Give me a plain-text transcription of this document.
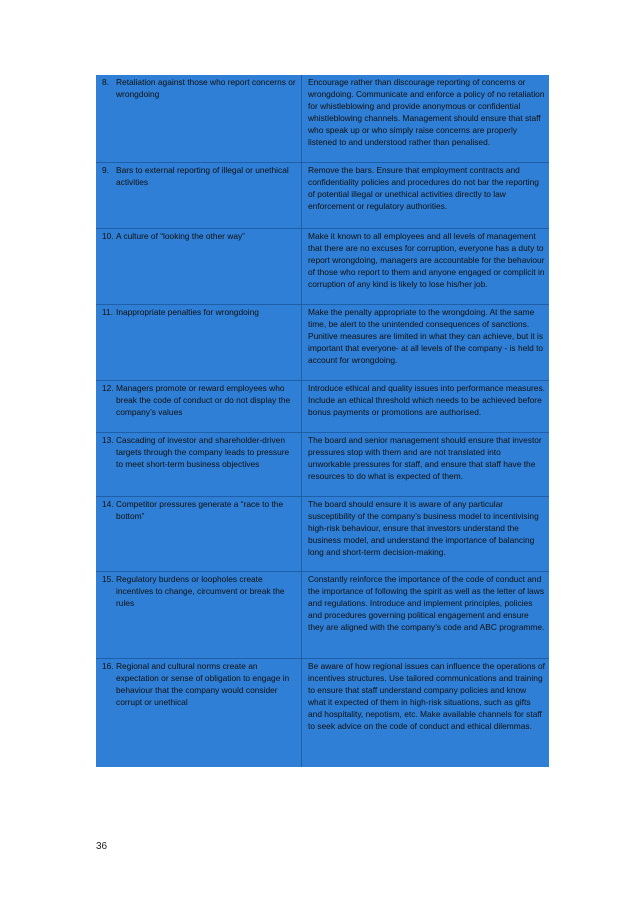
8. Retaliation against those who report concerns or wrongdoing	Encourage rather than discourage reporting of concerns or wrongdoing. Communicate and enforce a policy of no retaliation for whistleblowing and provide anonymous or confidential whistleblowing channels. Management should ensure that staff who speak up or who simply raise concerns are properly listened to and understood rather than penalised.

9. Bars to external reporting of illegal or unethical activities	Remove the bars. Ensure that employment contracts and confidentiality policies and procedures do not bar the reporting of potential illegal or unethical activities directly to law enforcement or regulatory authorities.

10. A culture of “looking the other way”	Make it known to all employees and all levels of management that there are no excuses for corruption, everyone has a duty to report wrongdoing, managers are accountable for the behaviour of those who report to them and anyone engaged or complicit in corruption of any kind is likely to lose his/her job.

11. Inappropriate penalties for wrongdoing	Make the penalty appropriate to the wrongdoing. At the same time, be alert to the unintended consequences of sanctions. Punitive measures are limited in what they can achieve, but it is important that everyone- at all levels of the company - is held to account for wrongdoing.

12. Managers promote or reward employees who break the code of conduct or do not display the company’s values	Introduce ethical and quality issues into performance measures. Include an ethical threshold which needs to be achieved before bonus payments or promotions are authorised.

13. Cascading of investor and shareholder-driven targets through the company leads to pressure to meet short-term business objectives	The board and senior management should ensure that investor pressures stop with them and are not translated into unworkable pressures for staff, and ensure that staff have the resources to do what is expected of them.

14. Competitor pressures generate a “race to the bottom”	The board should ensure it is aware of any particular susceptibility of the company’s business model to incentivising high-risk behaviour, ensure that investors understand the business model, and understand the importance of balancing long and short-term decision-making.

15. Regulatory burdens or loopholes create incentives to change, circumvent or break the rules	Constantly reinforce the importance of the code of conduct and the importance of following the spirit as well as the letter of laws and regulations. Introduce and implement principles, policies and procedures governing political engagement and ensure they are aligned with the company’s code and ABC programme.

16. Regional and cultural norms create an expectation or sense of obligation to engage in behaviour that the company would consider corrupt or unethical	Be aware of how regional issues can influence the operations of incentives structures. Use tailored communications and training to ensure that staff understand company policies and know what it expected of them in high-risk situations, such as gifts and hospitality, nepotism, etc. Make available channels for staff to seek advice on the code of conduct and ethical dilemmas.
36
